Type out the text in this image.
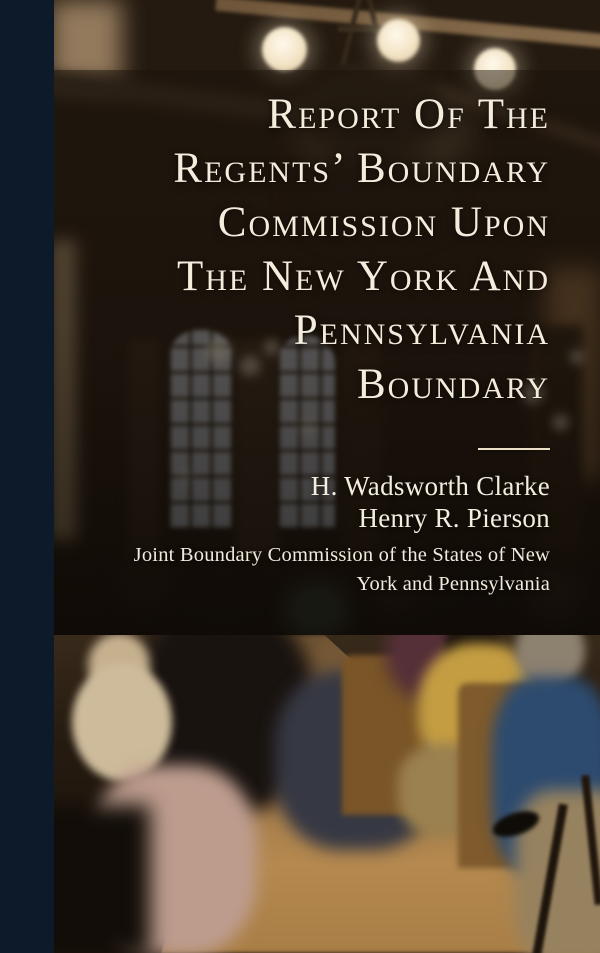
Report Of The
Regents’ Boundary
Commission Upon
The New York And
Pennsylvania
Boundary
H. Wadsworth Clarke
Henry R. Pierson
Joint Boundary Commission of the States of New
York and Pennsylvania
